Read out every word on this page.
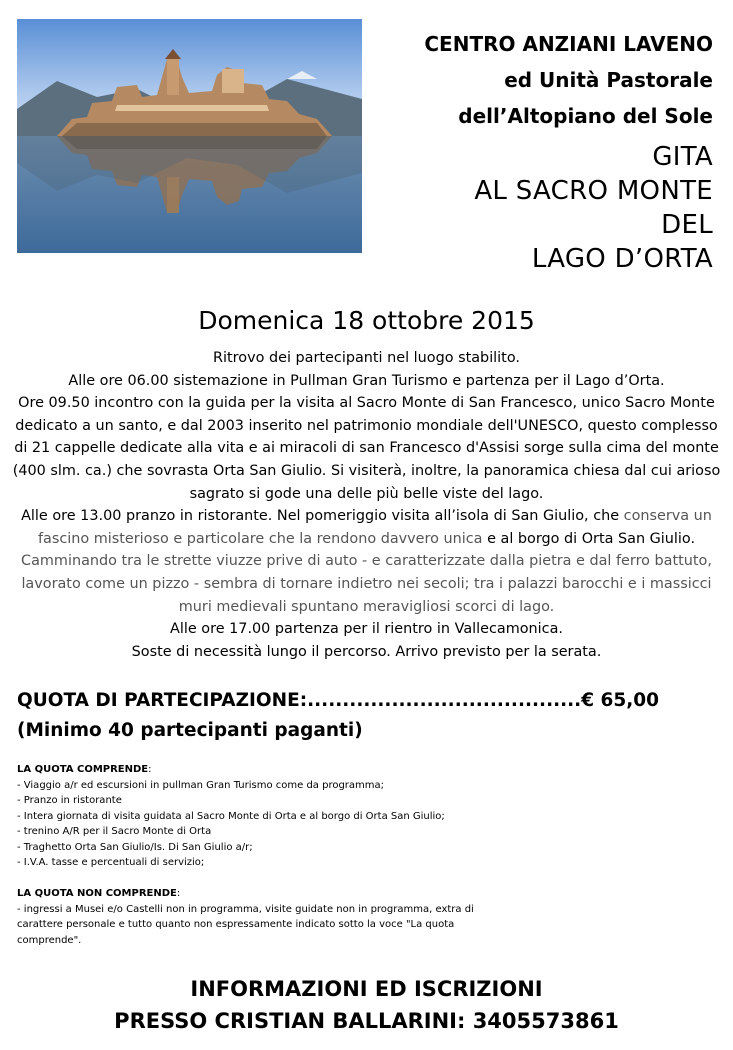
CENTRO ANZIANI LAVENO
ed Unità Pastorale
dell’Altopiano del Sole
GITA
AL SACRO MONTE
DEL
LAGO D’ORTA
Domenica 18 ottobre 2015

Ritrovo dei partecipanti nel luogo stabilito.

Alle ore 06.00 sistemazione in Pullman Gran Turismo e partenza per il Lago d’Orta.

Ore 09.50 incontro con la guida per la visita al Sacro Monte di San Francesco, unico Sacro Monte dedicato a un santo, e dal 2003 inserito nel patrimonio mondiale dell'UNESCO, questo complesso di 21 cappelle dedicate alla vita e ai miracoli di san Francesco d'Assisi sorge sulla cima del monte (400 slm. ca.) che sovrasta Orta San Giulio. Si visiterà, inoltre, la panoramica chiesa dal cui arioso sagrato si gode una delle più belle viste del lago.

Alle ore 13.00 pranzo in ristorante. Nel pomeriggio visita all’isola di San Giulio, che conserva un fascino misterioso e particolare che la rendono davvero unica e al borgo di Orta San Giulio. Camminando tra le strette viuzze prive di auto - e caratterizzate dalla pietra e dal ferro battuto, lavorato come un pizzo - sembra di tornare indietro nei secoli; tra i palazzi barocchi e i massicci muri medievali spuntano meravigliosi scorci di lago.

Alle ore 17.00 partenza per il rientro in Vallecamonica.

Soste di necessità lungo il percorso. Arrivo previsto per la serata.

QUOTA DI PARTECIPAZIONE:.......................................€ 65,00
(Minimo 40 partecipanti paganti)
LA QUOTA COMPRENDE:
- Viaggio a/r ed escursioni in pullman Gran Turismo come da programma;
- Pranzo in ristorante
- Intera giornata di visita guidata al Sacro Monte di Orta e al borgo di Orta San Giulio;
- trenino A/R per il Sacro Monte di Orta
- Traghetto Orta San Giulio/Is. Di San Giulio a/r;
- I.V.A. tasse e percentuali di servizio;
LA QUOTA NON COMPRENDE:
- ingressi a Musei e/o Castelli non in programma, visite guidate non in programma, extra di carattere personale e tutto quanto non espressamente indicato sotto la voce "La quota comprende".
INFORMAZIONI ED ISCRIZIONI
PRESSO CRISTIAN BALLARINI: 3405573861
